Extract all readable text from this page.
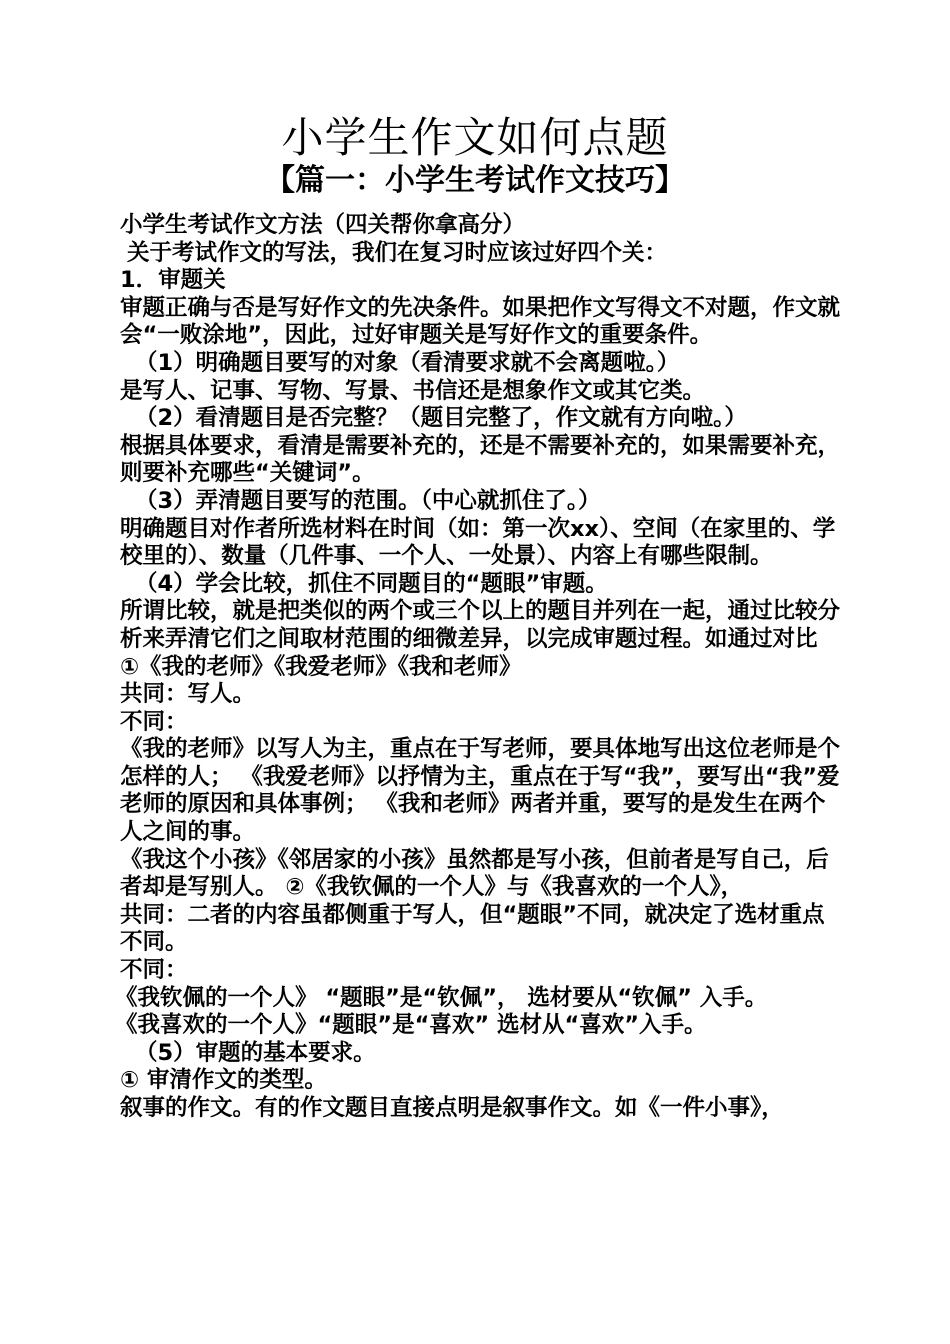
小学生作文如何点题
【篇一：小学生考试作文技巧】

小学生考试作文方法（四关帮你拿高分）

关于考试作文的写法，我们在复习时应该过好四个关：

1．审题关

审题正确与否是写好作文的先决条件。如果把作文写得文不对题，作文就会“一败涂地”，因此，过好审题关是写好作文的重要条件。

（1）明确题目要写的对象（看清要求就不会离题啦。）

是写人、记事、写物、写景、书信还是想象作文或其它类。

（2）看清题目是否完整？（题目完整了，作文就有方向啦。）

根据具体要求，看清是需要补充的，还是不需要补充的，如果需要补充，则要补充哪些“关键词”。

（3）弄清题目要写的范围。（中心就抓住了。）

明确题目对作者所选材料在时间（如：第一次xx）、空间（在家里的、学校里的）、数量（几件事、一个人、一处景）、内容上有哪些限制。

（4）学会比较，抓住不同题目的“题眼”审题。

所谓比较，就是把类似的两个或三个以上的题目并列在一起，通过比较分析来弄清它们之间取材范围的细微差异，以完成审题过程。如通过对比

①《我的老师》《我爱老师》《我和老师》

共同：写人。

不同：

《我的老师》以写人为主，重点在于写老师，要具体地写出这位老师是个怎样的人； 《我爱老师》以抒情为主，重点在于写“我”，要写出“我”爱老师的原因和具体事例； 《我和老师》两者并重，要写的是发生在两个人之间的事。

《我这个小孩》《邻居家的小孩》虽然都是写小孩，但前者是写自己，后者却是写别人。 ②《我钦佩的一个人》与《我喜欢的一个人》，

共同：二者的内容虽都侧重于写人，但“题眼”不同，就决定了选材重点不同。

不同：

《我钦佩的一个人》 “题眼”是“钦佩”， 选材要从“钦佩” 入手。

《我喜欢的一个人》“题眼”是“喜欢” 选材从“喜欢”入手。

（5）审题的基本要求。

① 审清作文的类型。

叙事的作文。有的作文题目直接点明是叙事作文。如《一件小事》，
